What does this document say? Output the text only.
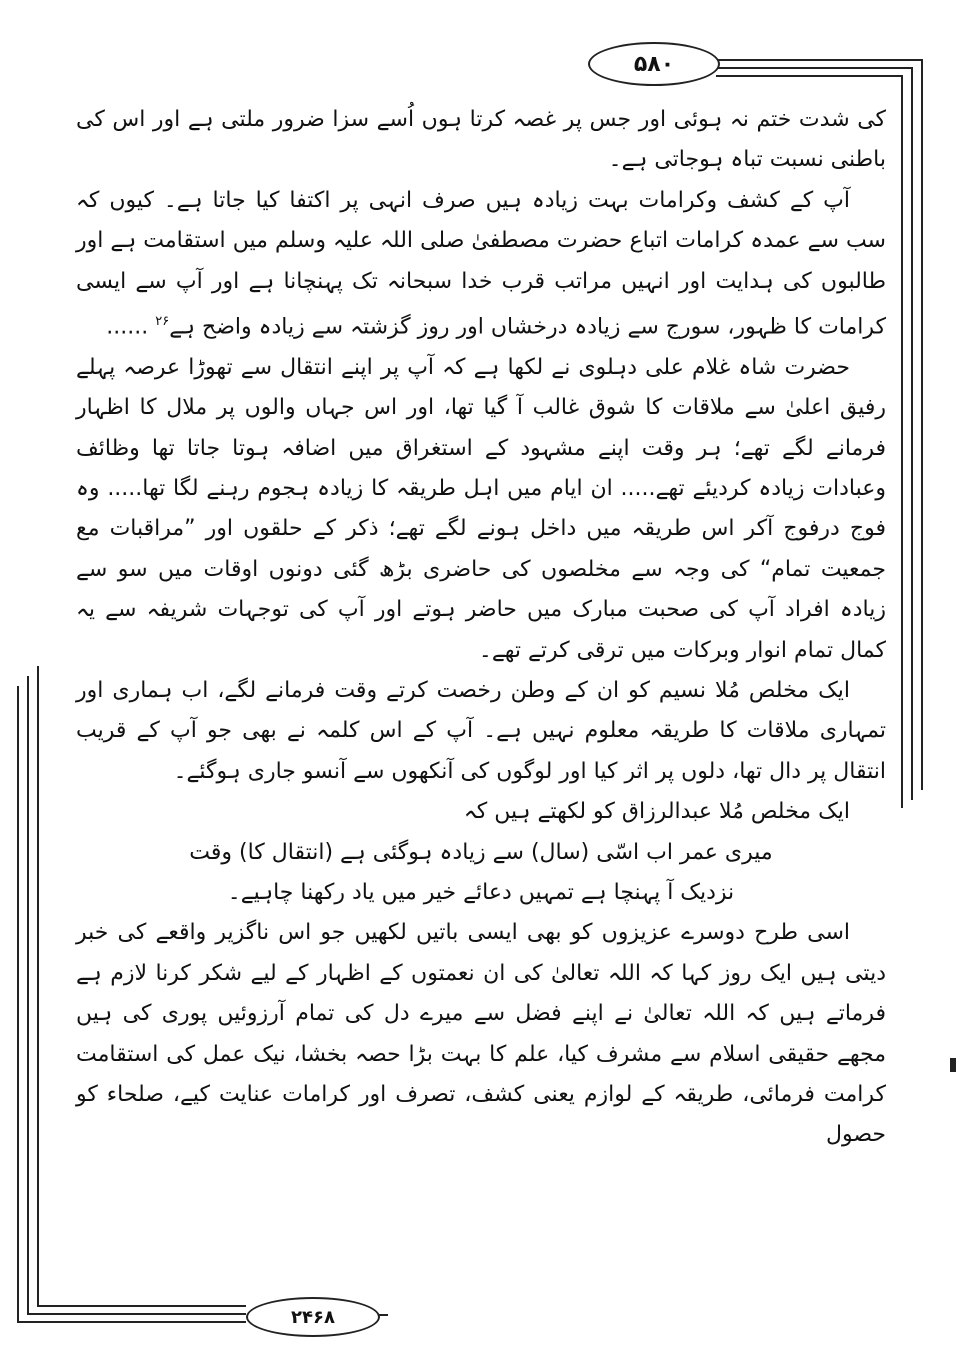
۵۸۰
۲۴۶۸

کی شدت ختم نہ ہوئی اور جس پر غصہ کرتا ہوں اُسے سزا ضرور ملتی ہے اور اس کی باطنی نسبت تباہ ہوجاتی ہے۔

آپ کے کشف وکرامات بہت زیادہ ہیں صرف انہی پر اکتفا کیا جاتا ہے۔ کیوں کہ سب سے عمدہ کرامات اتباع حضرت مصطفیٰ صلی اللہ علیہ وسلم میں استقامت ہے اور طالبوں کی ہدایت اور انہیں مراتب قرب خدا سبحانہ تک پہنچانا ہے اور آپ سے ایسی کرامات کا ظہور، سورج سے زیادہ درخشاں اور روز گزشتہ سے زیادہ واضح ہے$^{۲۶}$ ......

حضرت شاہ غلام علی دہلوی نے لکھا ہے کہ آپ پر اپنے انتقال سے تھوڑا عرصہ پہلے رفیق اعلیٰ سے ملاقات کا شوق غالب آ گیا تھا، اور اس جہاں والوں پر ملال کا اظہار فرمانے لگے تھے؛ ہر وقت اپنے مشہود کے استغراق میں اضافہ ہوتا جاتا تھا وظائف وعبادات زیادہ کردیئے تھے..... ان ایام میں اہل طریقہ کا زیادہ ہجوم رہنے لگا تھا..... وہ فوج درفوج آکر اس طریقہ میں داخل ہونے لگے تھے؛ ذکر کے حلقوں اور ”مراقبات مع جمعیت تمام“ کی وجہ سے مخلصوں کی حاضری بڑھ گئی دونوں اوقات میں سو سے زیادہ افراد آپ کی صحبت مبارک میں حاضر ہوتے اور آپ کی توجہات شریفہ سے یہ کمال تمام انوار وبرکات میں ترقی کرتے تھے۔

ایک مخلص مُلا نسیم کو ان کے وطن رخصت کرتے وقت فرمانے لگے، اب ہماری اور تمہاری ملاقات کا طریقہ معلوم نہیں ہے۔ آپ کے اس کلمہ نے بھی جو آپ کے قریب انتقال پر دال تھا، دلوں پر اثر کیا اور لوگوں کی آنکھوں سے آنسو جاری ہوگئے۔

ایک مخلص مُلا عبدالرزاق کو لکھتے ہیں کہ

میری عمر اب اسّی (سال) سے زیادہ ہوگئی ہے (انتقال کا) وقت

نزدیک آ پہنچا ہے تمہیں دعائے خیر میں یاد رکھنا چاہیے۔

اسی طرح دوسرے عزیزوں کو بھی ایسی باتیں لکھیں جو اس ناگزیر واقعے کی خبر دیتی ہیں ایک روز کہا کہ اللہ تعالیٰ کی ان نعمتوں کے اظہار کے لیے شکر کرنا لازم ہے فرماتے ہیں کہ اللہ تعالیٰ نے اپنے فضل سے میرے دل کی تمام آرزوئیں پوری کی ہیں مجھے حقیقی اسلام سے مشرف کیا، علم کا بہت بڑا حصہ بخشا، نیک عمل کی استقامت کرامت فرمائی، طریقہ کے لوازم یعنی کشف، تصرف اور کرامات عنایت کیے، صلحاء کو حصول
